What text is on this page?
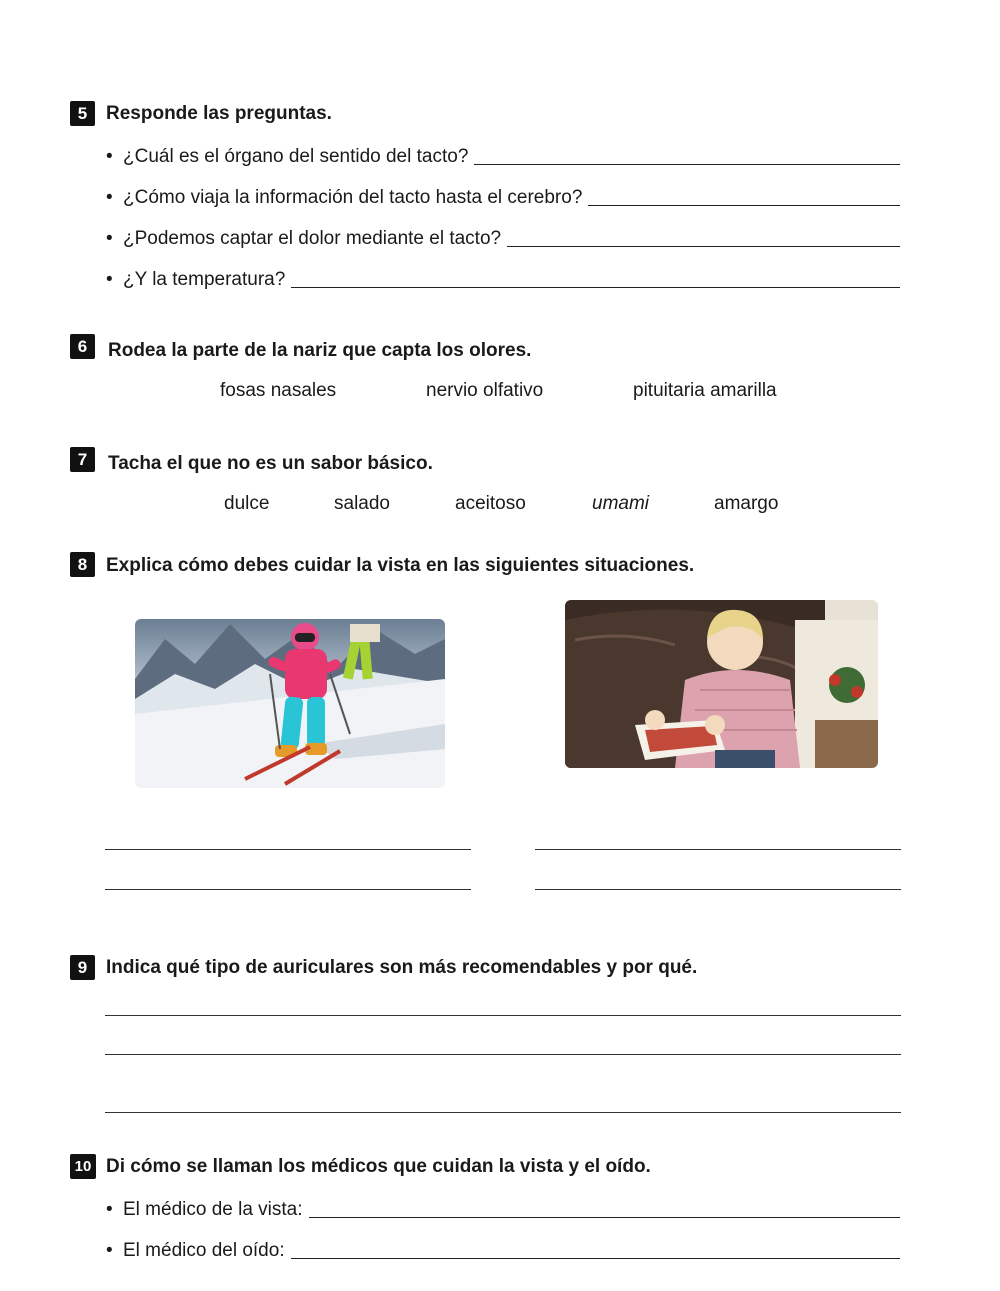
5 Responde las preguntas.
• ¿Cuál es el órgano del sentido del tacto?
• ¿Cómo viaja la información del tacto hasta el cerebro?
• ¿Podemos captar el dolor mediante el tacto?
• ¿Y la temperatura?
6	Rodea la parte de la nariz que capta los olores.
fosas nasales	nervio olfativo	pituitaria amarilla
7	Tacha el que no es un sabor básico.
dulce	salado	aceitoso	umami	amargo
8 Explica cómo debes cuidar la vista en las siguientes situaciones.
9 Indica qué tipo de auriculares son más recomendables y por qué.
10 Di cómo se llaman los médicos que cuidan la vista y el oído.
• El médico de la vista:
• El médico del oído:
